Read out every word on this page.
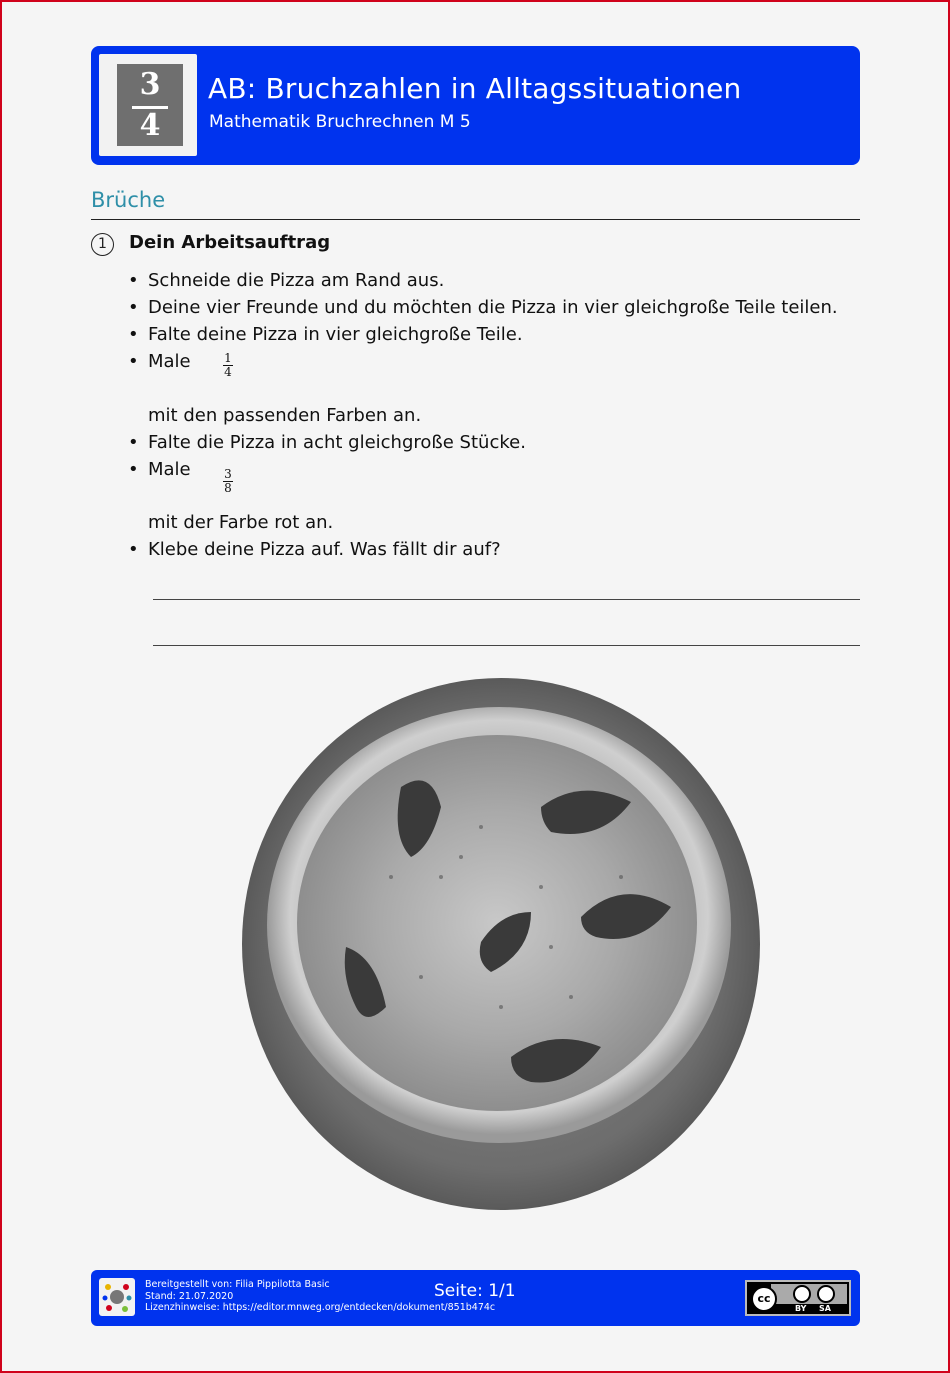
3
4
AB: Bruchzahlen in Alltagssituationen
Mathematik Bruchrechnen M 5
Brüche
1	Dein Arbeitsauftrag
• Schneide die Pizza am Rand aus.
• Deine vier Freunde und du möchten die Pizza in vier gleichgroße Teile teilen.
• Falte deine Pizza in vier gleichgroße Teile.
• Male	1
4
mit den passenden Farben an.
• Falte die Pizza in acht gleichgroße Stücke.
• Male	3
8
mit der Farbe rot an.
• Klebe deine Pizza auf. Was fällt dir auf?
Bereitgestellt von: Filia Pippilotta Basic
Stand: 21.07.2020
Lizenzhinweise: https://editor.mnweg.org/entdecken/dokument/851b474c
Seite: 1/1	cc
BY SA
